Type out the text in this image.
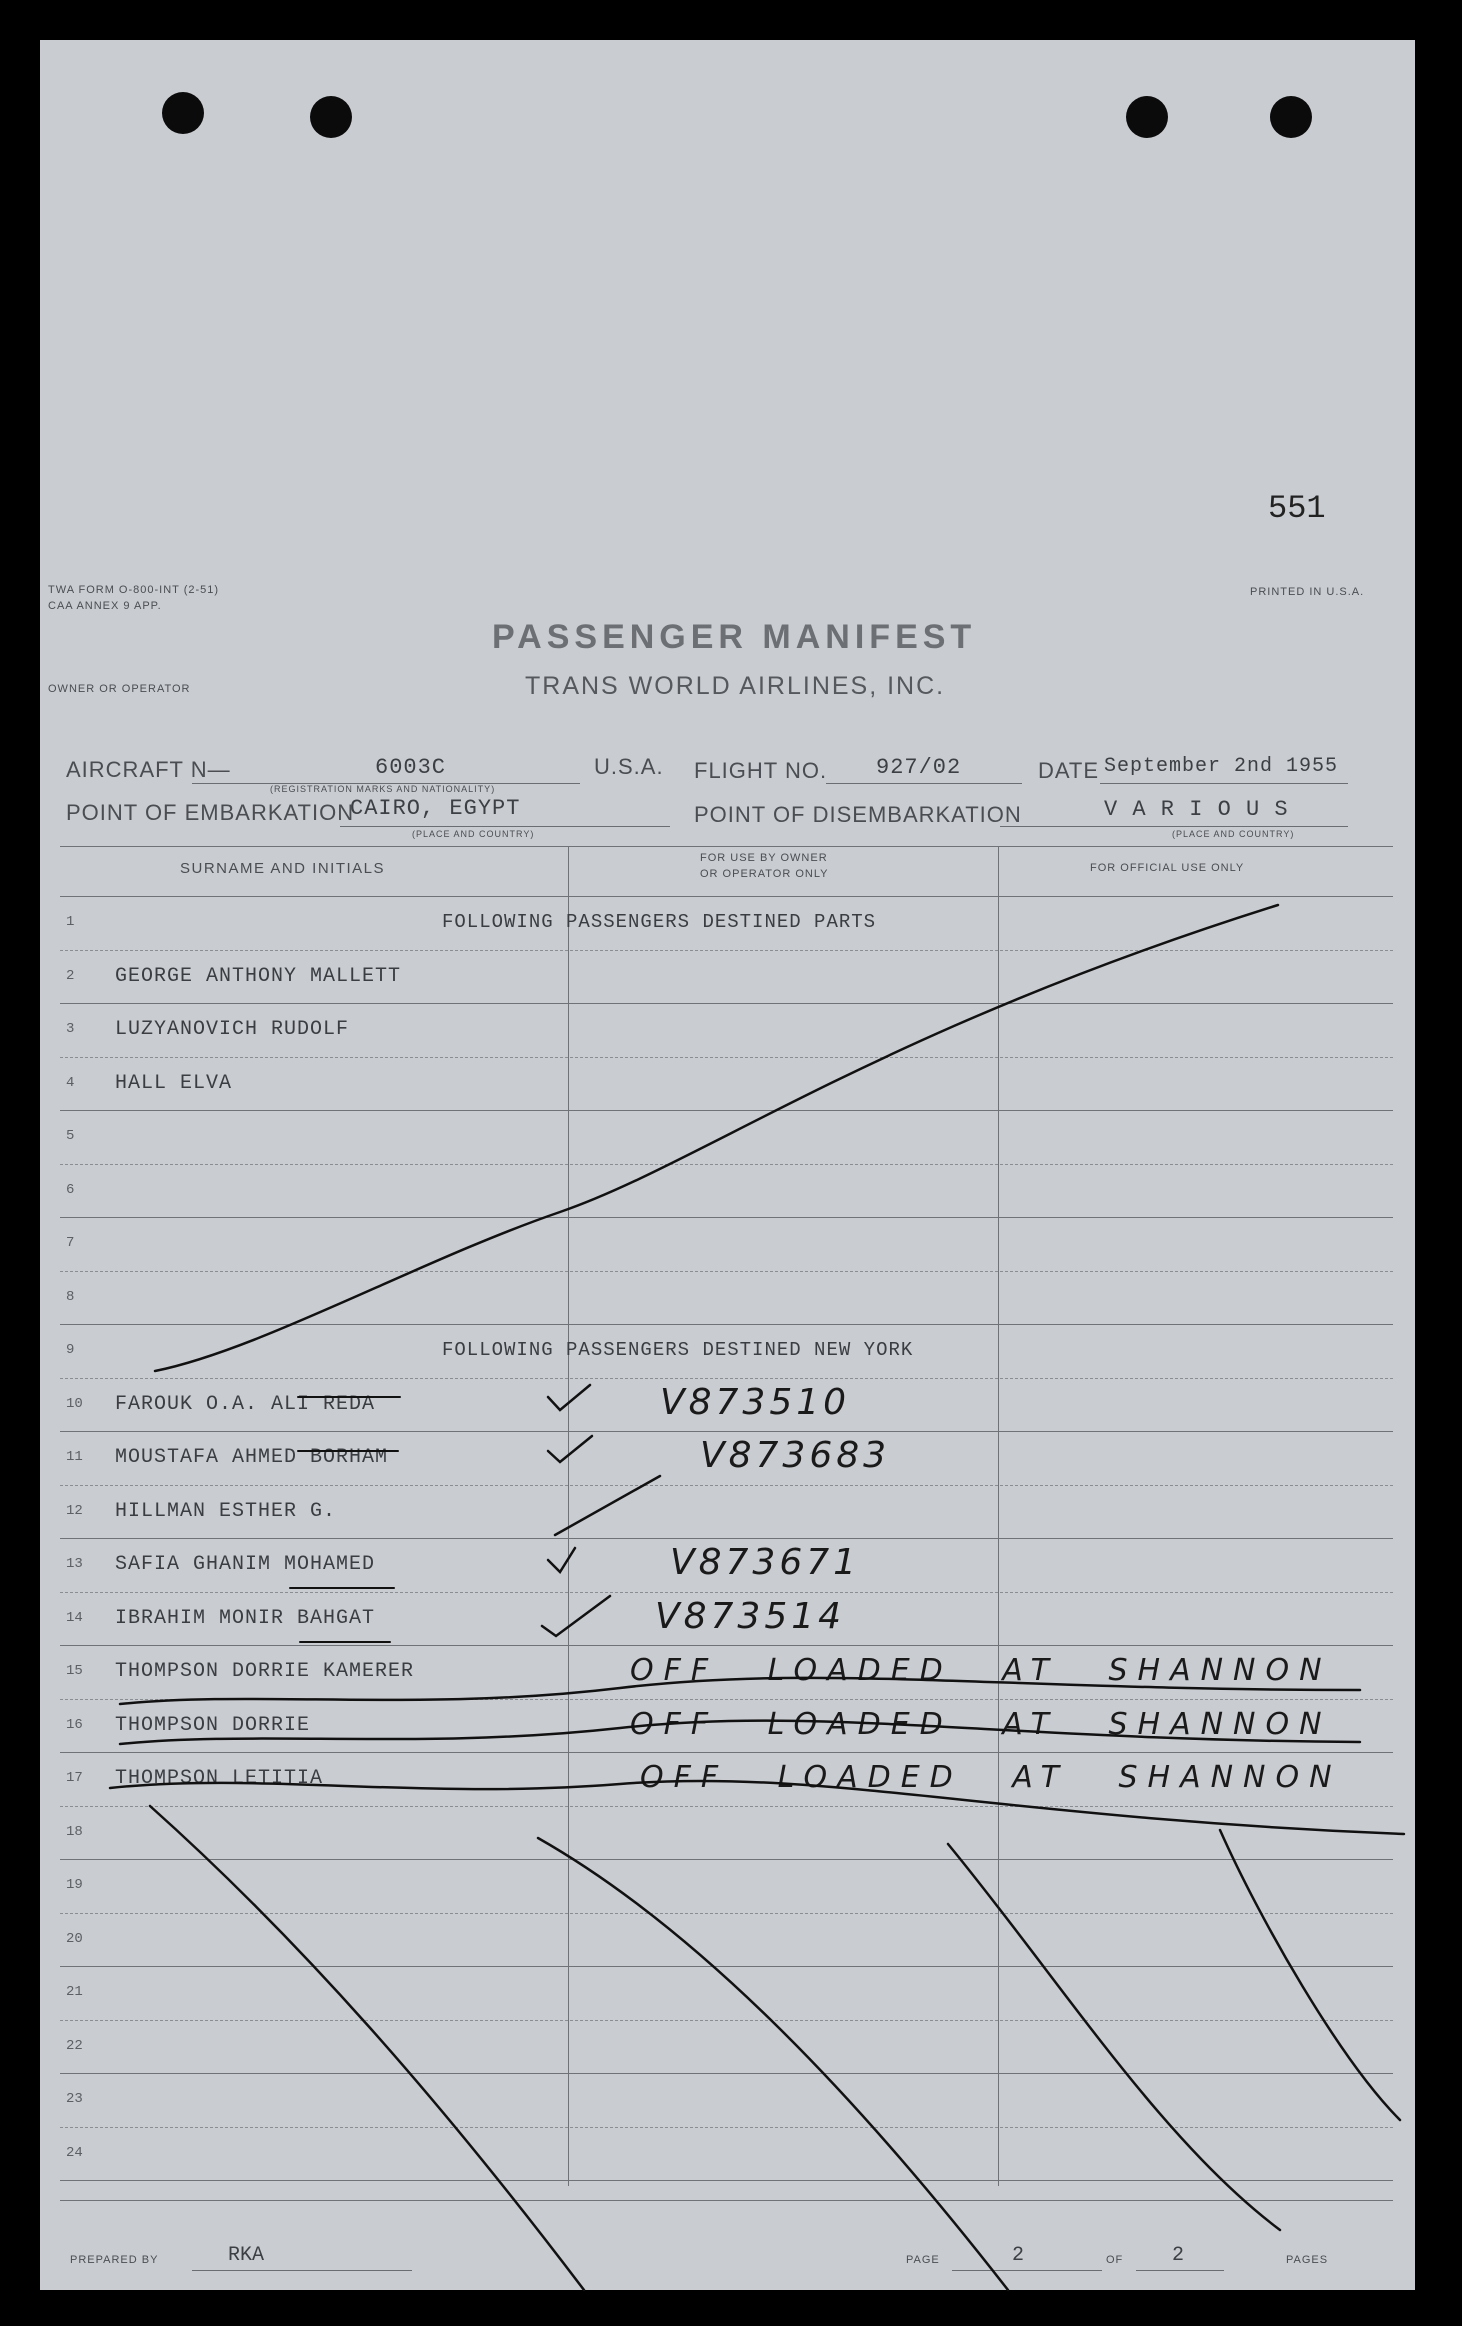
551
TWA FORM O-800-INT (2-51)
CAA ANNEX 9 APP.
PRINTED IN U.S.A.
PASSENGER MANIFEST
OWNER OR OPERATOR	TRANS WORLD AIRLINES, INC.
AIRCRAFT N—	6003C
(REGISTRATION MARKS AND NATIONALITY)
U.S.A. FLIGHT NO. 927/02	DATE September 2nd 1955
POINT OF EMBARKATION
CAIRO, EGYPT
(PLACE AND COUNTRY)
POINT OF DISEMBARKATION	V A R I O U S
(PLACE AND COUNTRY)
SURNAME AND INITIALS
FOR USE BY OWNER
OR OPERATOR ONLY	FOR OFFICIAL USE ONLY
1	FOLLOWING PASSENGERS DESTINED PARTS
2 GEORGE ANTHONY MALLETT
3 LUZYANOVICH RUDOLF
4 HALL ELVA
5
6
7
8
9	FOLLOWING PASSENGERS DESTINED NEW YORK
10 FAROUK O.A. ALI REDA	V873510
11 MOUSTAFA AHMED BORHAM	V873683
12 HILLMAN ESTHER G.
13 SAFIA GHANIM MOHAMED	V873671
14 IBRAHIM MONIR BAHGAT	V873514
15 THOMPSON DORRIE KAMERER	OFF LOADED AT SHANNON
16 THOMPSON DORRIE	OFF LOADED AT SHANNON
17 THOMPSON LETITIA	OFF LOADED AT SHANNON
18
19
20
21
22
23
24
PREPARED BY	RKA	PAGE	2	OF 2	PAGES
